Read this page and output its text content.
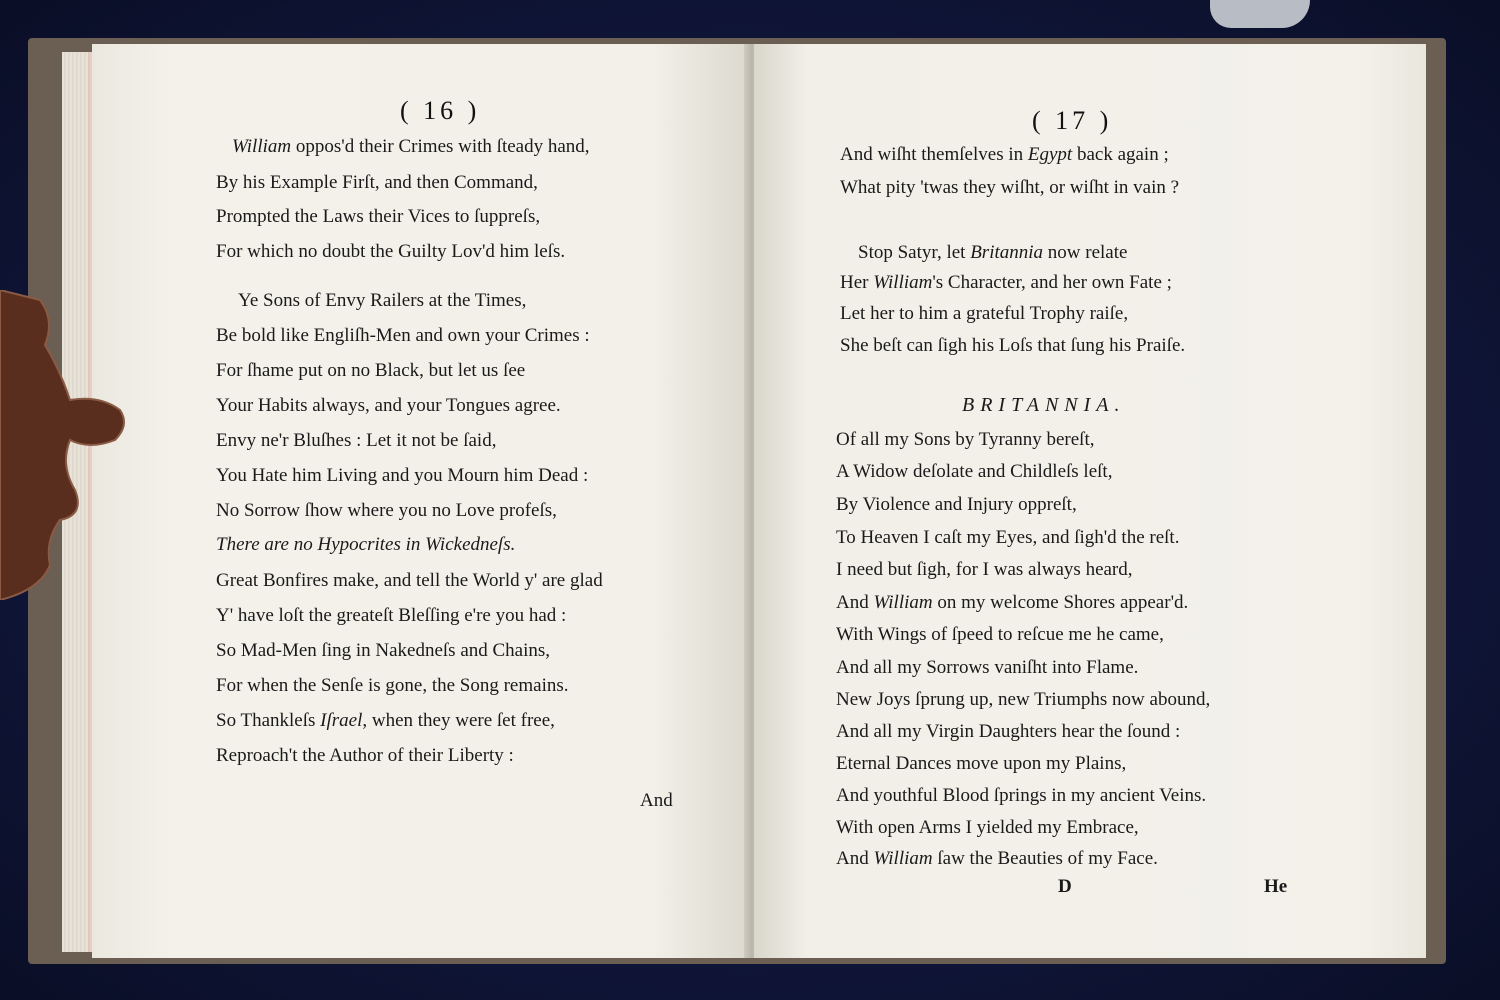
( 16 )
William oppos'd their Crimes with ſteady hand,
By his Example Firſt, and then Command,
Prompted the Laws their Vices to ſuppreſs,
For which no doubt the Guilty Lov'd him leſs.
Ye Sons of Envy Railers at the Times,
Be bold like Engliſh-Men and own your Crimes :
For ſhame put on no Black, but let us ſee
Your Habits always, and your Tongues agree.
Envy ne'r Bluſhes : Let it not be ſaid,
You Hate him Living and you Mourn him Dead :
No Sorrow ſhow where you no Love profeſs,
There are no Hypocrites in Wickedneſs.
Great Bonfires make, and tell the World y' are glad
Y' have loſt the greateſt Bleſſing e're you had :
So Mad-Men ſing in Nakedneſs and Chains,
For when the Senſe is gone, the Song remains.
So Thankleſs Iſrael, when they were ſet free,
Reproach't the Author of their Liberty :
And
( 17 )
And wiſht themſelves in Egypt back again ;
What pity 'twas they wiſht, or wiſht in vain ?
Stop Satyr, let Britannia now relate
Her William's Character, and her own Fate ;
Let her to him a grateful Trophy raiſe,
She beſt can ſigh his Loſs that ſung his Praiſe.
BRITANNIA.
Of all my Sons by Tyranny bereſt,
A Widow deſolate and Childleſs leſt,
By Violence and Injury oppreſt,
To Heaven I caſt my Eyes, and ſigh'd the reſt.
I need but ſigh, for I was always heard,
And William on my welcome Shores appear'd.
With Wings of ſpeed to reſcue me he came,
And all my Sorrows vaniſht into Flame.
New Joys ſprung up, new Triumphs now abound,
And all my Virgin Daughters hear the ſound :
Eternal Dances move upon my Plains,
And youthful Blood ſprings in my ancient Veins.
With open Arms I yielded my Embrace,
And William ſaw the Beauties of my Face.
D	He
